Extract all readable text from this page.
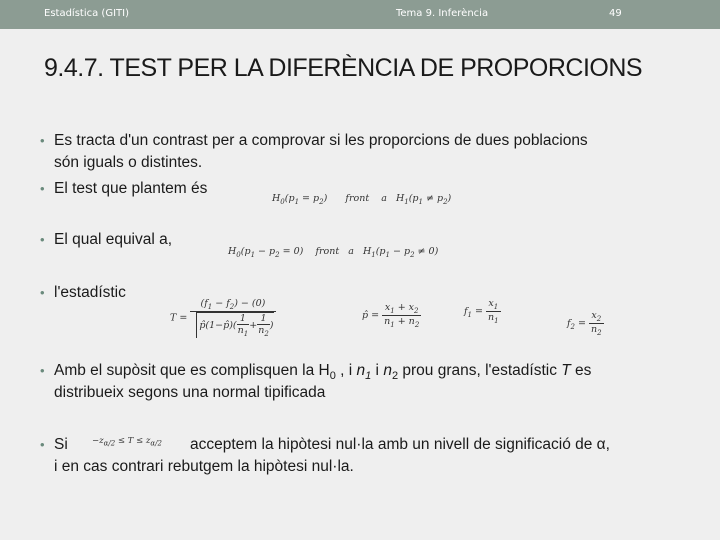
Estadística (GITI)	Tema 9. Inferència	49
9.4.7. TEST PER LA DIFERÈNCIA DE PROPORCIONS
• Es tracta d'un contrast per a comprovar si les proporcions de dues poblacions
són iguals o distintes.
• El test que plantem és
$H_0(p_1 = p_2)$      front    a   $H_1(p_1 \ne p_2)$
• El qual equival a,
$H_0(p_1 - p_2 = 0)$    front   a   $H_1(p_1 - p_2 \ne 0)$
• l'estadístic
$T = \frac{(f_1 - f_2) - (0)}{p̂(1-p̂)( \frac{1}{n_1} + \frac{1}{n_2} )}$	p̂ = $\frac{x_1 + x_2}{n_1 + n_2}$	$f_1 = \frac{x_1}{n_1}$	$f_2 = \frac{x_2}{n_2}$
• Amb el supòsit que es complisquen la $H_0$ , i $n_1$ i $n_2$ prou grans, l'estadístic T es
distribueix segons una normal tipificada
• Si	$-z_{\alpha/2} \le T \le z_{\alpha/2}$ acceptem la hipòtesi nul·la amb un nivell de significació de α,
i en cas contrari rebutgem la hipòtesi nul·la.
